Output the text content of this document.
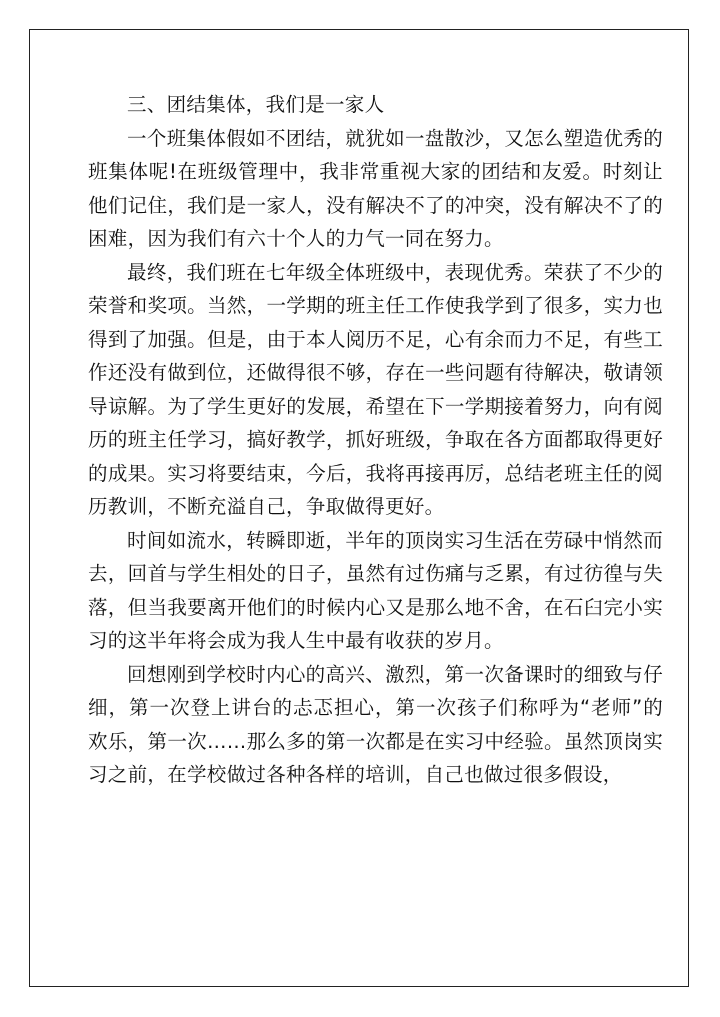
三、团结集体，我们是一家人

一个班集体假如不团结，就犹如一盘散沙，又怎么塑造优秀的班集体呢!在班级管理中，我非常重视大家的团结和友爱。时刻让他们记住，我们是一家人，没有解决不了的冲突，没有解决不了的困难，因为我们有六十个人的力气一同在努力。

最终，我们班在七年级全体班级中，表现优秀。荣获了不少的荣誉和奖项。当然，一学期的班主任工作使我学到了很多，实力也得到了加强。但是，由于本人阅历不足，心有余而力不足，有些工作还没有做到位，还做得很不够，存在一些问题有待解决，敬请领导谅解。为了学生更好的发展，希望在下一学期接着努力，向有阅历的班主任学习，搞好教学，抓好班级，争取在各方面都取得更好的成果。实习将要结束，今后，我将再接再厉，总结老班主任的阅历教训，不断充溢自己，争取做得更好。

时间如流水，转瞬即逝，半年的顶岗实习生活在劳碌中悄然而去，回首与学生相处的日子，虽然有过伤痛与乏累，有过彷徨与失落，但当我要离开他们的时候内心又是那么地不舍，在石臼完小实习的这半年将会成为我人生中最有收获的岁月。

回想刚到学校时内心的高兴、激烈，第一次备课时的细致与仔细，第一次登上讲台的忐忑担心，第一次孩子们称呼为“老师”的欢乐，第一次……那么多的第一次都是在实习中经验。虽然顶岗实习之前，在学校做过各种各样的培训，自己也做过很多假设，
